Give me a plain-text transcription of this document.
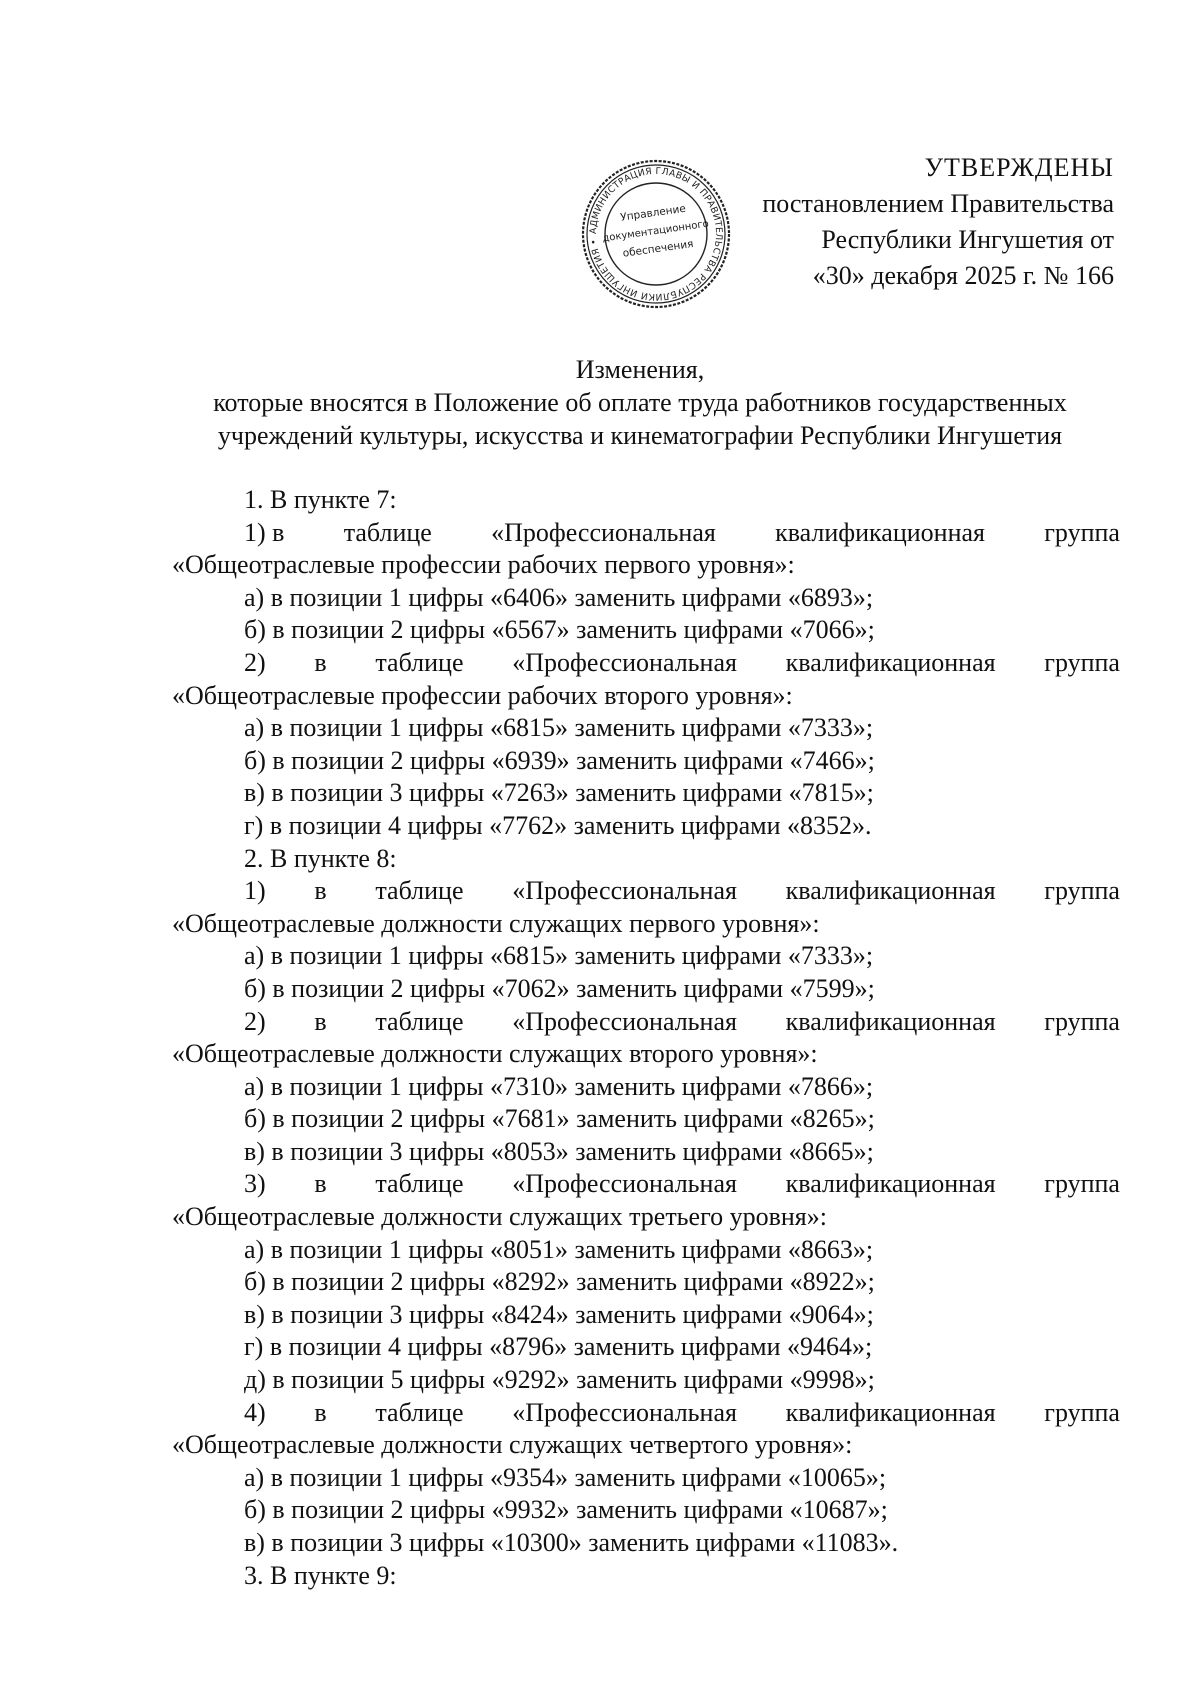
АДМИНИСТРАЦИЯ ГЛАВЫ И ПРАВИТЕЛЬСТВА РЕСПУБЛИКИ ИНГУШЕТИЯ •
Управление
документационного
обеспечения
УТВЕРЖДЕНЫ
постановлением Правительства
Республики Ингушетия от
«30» декабря 2025 г. № 166
Изменения,
которые вносятся в Положение об оплате труда работников государственных
учреждений культуры, искусства и кинематографии Республики Ингушетия
1. В пункте 7:
1) в таблице «Профессиональная квалификационная группа
«Общеотраслевые профессии рабочих первого уровня»:
а) в позиции 1 цифры «6406» заменить цифрами «6893»;
б) в позиции 2 цифры «6567» заменить цифрами «7066»;
2) в таблице «Профессиональная квалификационная группа
«Общеотраслевые профессии рабочих второго уровня»:
а) в позиции 1 цифры «6815» заменить цифрами «7333»;
б) в позиции 2 цифры «6939» заменить цифрами «7466»;
в) в позиции 3 цифры «7263» заменить цифрами «7815»;
г) в позиции 4 цифры «7762» заменить цифрами «8352».
2. В пункте 8:
1) в таблице «Профессиональная квалификационная группа
«Общеотраслевые должности служащих первого уровня»:
а) в позиции 1 цифры «6815» заменить цифрами «7333»;
б) в позиции 2 цифры «7062» заменить цифрами «7599»;
2) в таблице «Профессиональная квалификационная группа
«Общеотраслевые должности служащих второго уровня»:
а) в позиции 1 цифры «7310» заменить цифрами «7866»;
б) в позиции 2 цифры «7681» заменить цифрами «8265»;
в) в позиции 3 цифры «8053» заменить цифрами «8665»;
3) в таблице «Профессиональная квалификационная группа
«Общеотраслевые должности служащих третьего уровня»:
а) в позиции 1 цифры «8051» заменить цифрами «8663»;
б) в позиции 2 цифры «8292» заменить цифрами «8922»;
в) в позиции 3 цифры «8424» заменить цифрами «9064»;
г) в позиции 4 цифры «8796» заменить цифрами «9464»;
д) в позиции 5 цифры «9292» заменить цифрами «9998»;
4) в таблице «Профессиональная квалификационная группа
«Общеотраслевые должности служащих четвертого уровня»:
а) в позиции 1 цифры «9354» заменить цифрами «10065»;
б) в позиции 2 цифры «9932» заменить цифрами «10687»;
в) в позиции 3 цифры «10300» заменить цифрами «11083».
3. В пункте 9:
